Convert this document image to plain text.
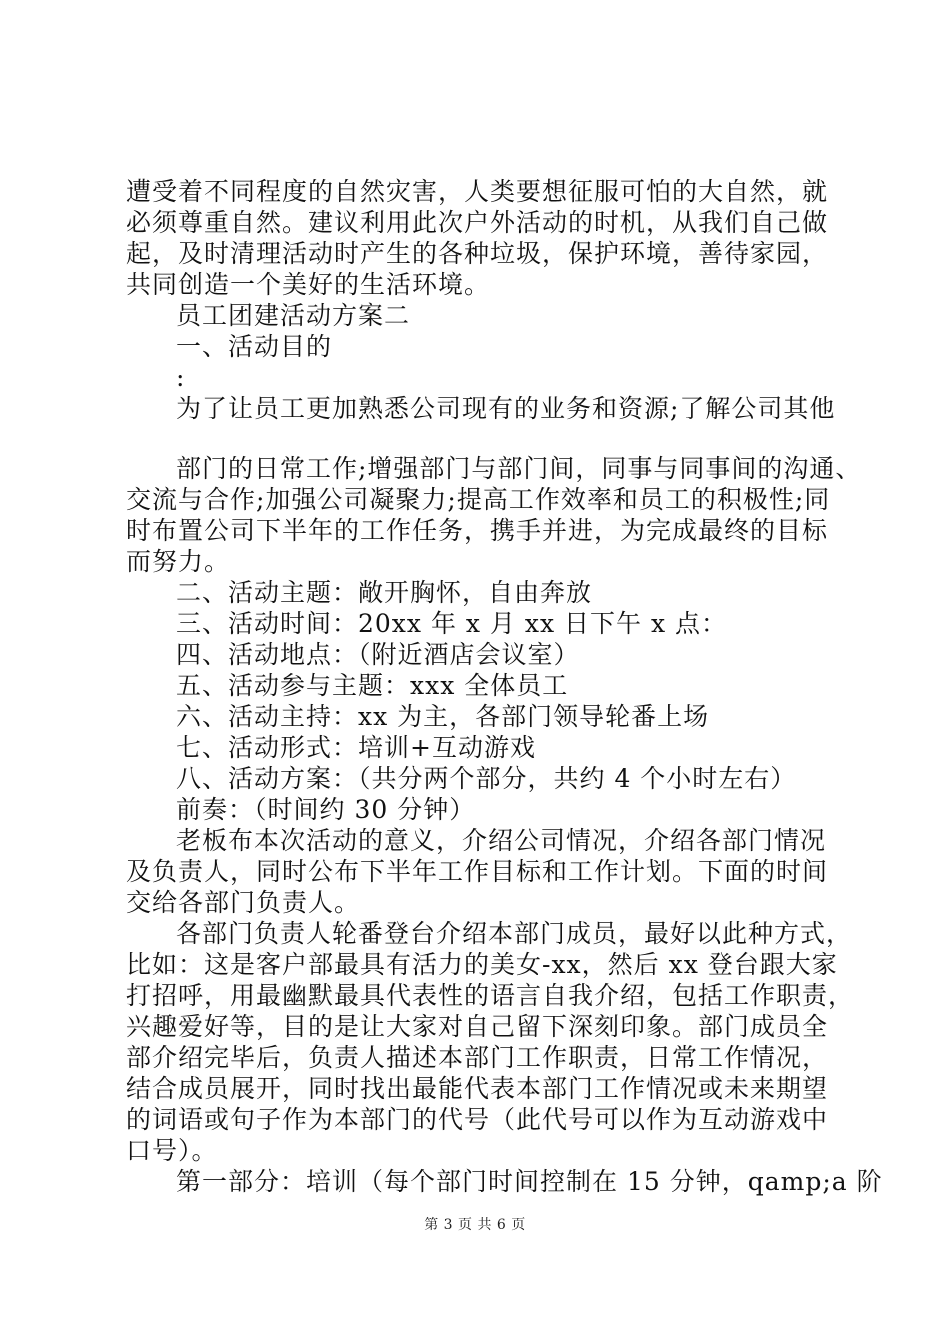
遭受着不同程度的自然灾害，人类要想征服可怕的大自然，就
必须尊重自然。建议利用此次户外活动的时机，从我们自己做
起，及时清理活动时产生的各种垃圾，保护环境，善待家园，
共同创造一个美好的生活环境。
员工团建活动方案二
一、活动目的
:
为了让员工更加熟悉公司现有的业务和资源;了解公司其他
部门的日常工作;增强部门与部门间，同事与同事间的沟通、
交流与合作;加强公司凝聚力;提高工作效率和员工的积极性;同
时布置公司下半年的工作任务，携手并进，为完成最终的目标
而努力。
二、活动主题：敞开胸怀，自由奔放
三、活动时间：20xx 年 x 月 xx 日下午 x 点：
四、活动地点：（附近酒店会议室）
五、活动参与主题：xxx 全体员工
六、活动主持：xx 为主，各部门领导轮番上场
七、活动形式：培训+互动游戏
八、活动方案：（共分两个部分，共约 4 个小时左右）
前奏：（时间约 30 分钟）
老板布本次活动的意义，介绍公司情况，介绍各部门情况
及负责人，同时公布下半年工作目标和工作计划。下面的时间
交给各部门负责人。
各部门负责人轮番登台介绍本部门成员，最好以此种方式，
比如：这是客户部最具有活力的美女-xx，然后 xx 登台跟大家
打招呼，用最幽默最具代表性的语言自我介绍，包括工作职责，
兴趣爱好等，目的是让大家对自己留下深刻印象。部门成员全
部介绍完毕后，负责人描述本部门工作职责，日常工作情况，
结合成员展开，同时找出最能代表本部门工作情况或未来期望
的词语或句子作为本部门的代号（此代号可以作为互动游戏中
口号）。
第一部分：培训（每个部门时间控制在 15 分钟，qamp;a 阶
第 3 页 共 6 页
